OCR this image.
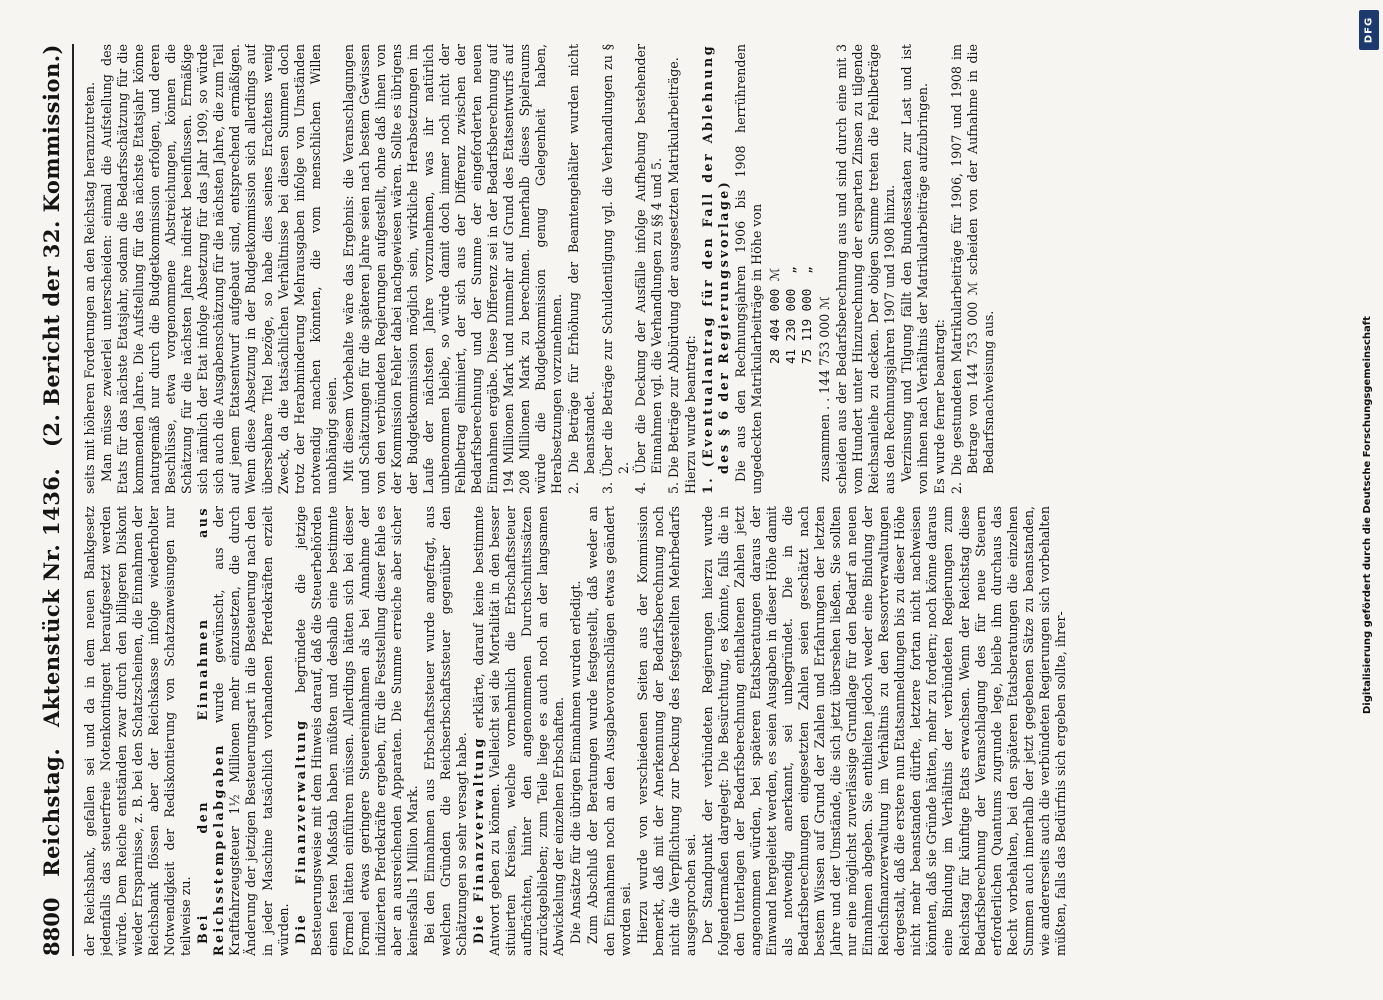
8800
Reichstag.
Aktenstück Nr. 1436.
(2. Bericht der 32. Kommission.)

der Reichsbank, gefallen sei und da in dem neuen Bankgesetz jedenfalls das steuerfreie Notenkontingent heraufgesetzt werden würde. Dem Reiche entständen zwar durch den billigeren Diskont wieder Ersparnisse, z. B. bei den Schatzscheinen, die Einnahmen der Reichsbank flössen aber der Reichskasse infolge wiederholter Notwendigkeit der Rediskontierung von Schatzanweisungen nur teilweise zu. Bei den Einnahmen aus Reichsstempelabgaben wurde gewünscht, aus der Kraftfahrzeugsteuer 1½ Millionen mehr einzusetzen, die durch Änderung der jetzigen Besteuerungsart in die Besteuerung nach den in jeder Maschine tatsächlich vorhandenen Pferdekräften erzielt würden. Die Finanzverwaltung begründete die jetzige Besteuerungsweise mit dem Hinweis darauf, daß die Steuerbehörden einen festen Maßstab haben müßten und deshalb eine bestimmte Formel hätten einführen müssen. Allerdings hätten sich bei dieser Formel etwas geringere Steuereinnahmen als bei Annahme der indizierten Pferdekräfte ergeben, für die Feststellung dieser fehle es aber an ausreichenden Apparaten. Die Summe erreiche aber sicher keinesfalls 1 Million Mark. Bei den Einnahmen aus Erbschaftssteuer wurde angefragt, aus welchen Gründen die Reichserbschaftssteuer gegenüber den Schätzungen so sehr versagt habe. Die Finanzverwaltung erklärte, darauf keine bestimmte Antwort geben zu können. Vielleicht sei die Mortalität in den besser situierten Kreisen, welche vornehmlich die Erbschaftssteuer aufbrächten, hinter den angenommenen Durchschnittssätzen zurückgeblieben; zum Teile liege es auch noch an der langsamen Abwickelung der einzelnen Erbschaften. Die Ansätze für die übrigen Einnahmen wurden erledigt. Zum Abschluß der Beratungen wurde festgestellt, daß weder an den Einnahmen noch an den Ausgabevoranschlägen etwas geändert worden sei. Hierzu wurde von verschiedenen Seiten aus der Kommission bemerkt, daß mit der Anerkennung der Bedarfsberechnung noch nicht die Verpflichtung zur Deckung des festgestellten Mehrbedarfs ausgesprochen sei. Der Standpunkt der verbündeten Regierungen hierzu wurde folgendermaßen dargelegt: Die Besürchtung, es könnte, falls die in den Unterlagen der Bedarfsberechnung enthaltenen Zahlen jetzt angenommen würden, bei späteren Etatsberatungen daraus der Einwand hergeleitet werden, es seien Ausgaben in dieser Höhe damit als notwendig anerkannt, sei unbegründet. Die in die Bedarfsberechnungen eingesetzten Zahlen seien geschätzt nach bestem Wissen auf Grund der Zahlen und Erfahrungen der letzten Jahre und der Umstände, die sich jetzt übersehen ließen. Sie sollten nur eine möglichst zuverlässige Grundlage für den Bedarf an neuen Einnahmen abgeben. Sie enthielten jedoch weder eine Bindung der Reichsfinanzverwaltung im Verhältnis zu den Ressortverwaltungen dergestalt, daß die erstere nun Etatsanmeldungen bis zu dieser Höhe nicht mehr beanstanden dürfte, letztere fortan nicht nachweisen könnten, daß sie Gründe hätten, mehr zu fordern; noch könne daraus eine Bindung im Verhältnis der verbündeten Regierungen zum Reichstag für künftige Etats erwachsen. Wenn der Reichstag diese Bedarfsberechnung der Veranschlagung des für neue Steuern erforderlichen Quantums zugrunde lege, bleibe ihm durchaus das Recht vorbehalten, bei den späteren Etatsberatungen die einzelnen Summen auch innerhalb der jetzt gegebenen Sätze zu beanstanden, wie andererseits auch die verbündeten Regierungen sich vorbehalten müßten, falls das Bedürfnis sich ergeben sollte, ihrer-

seits mit höheren Forderungen an den Reichstag heranzutreten. Man müsse zweierlei unterscheiden: einmal die Aufstellung des Etats für das nächste Etatsjahr, sodann die Bedarfsschätzung für die kommenden Jahre. Die Aufstellung für das nächste Etatsjahr könne naturgemäß nur durch die Budgetkommission erfolgen, und deren Beschlüsse, etwa vorgenommene Abstreichungen, können die Schätzung für die nächsten Jahre indirekt beeinflussen. Ermäßige sich nämlich der Etat infolge Absetzung für das Jahr 1909, so würde sich auch die Ausgabenschätzung für die nächsten Jahre, die zum Teil auf jenem Etatsentwurf aufgebaut sind, entsprechend ermäßigen. Wenn diese Absetzung in der Budgetkommission sich allerdings auf übersehbare Titel bezöge, so habe dies seines Erachtens wenig Zweck, da die tatsächlichen Verhältnisse bei diesen Summen doch trotz der Herabminderung Mehrausgaben infolge von Umständen notwendig machen könnten, die vom menschlichen Willen unabhängig seien. Mit diesem Vorbehalte wäre das Ergebnis: die Veranschlagungen und Schätzungen für die späteren Jahre seien nach bestem Gewissen von den verbündeten Regierungen aufgestellt, ohne daß ihnen von der Kommission Fehler dabei nachgewiesen wären. Sollte es übrigens der Budgetkommission möglich sein, wirkliche Herabsetzungen im Laufe der nächsten Jahre vorzunehmen, was ihr natürlich unbenommen bleibe, so würde damit doch immer noch nicht der Fehlbetrag eliminiert, der sich aus der Differenz zwischen der Bedarfsberechnung und der Summe der eingeforderten neuen Einnahmen ergäbe. Diese Differenz sei in der Bedarfsberechnung auf 194 Millionen Mark und nunmehr auf Grund des Etatsentwurfs auf 208 Millionen Mark zu berechnen. Innerhalb dieses Spielraums würde die Budgetkommission genug Gelegenheit haben, Herabsetzungen vorzunehmen. 2. Die Beträge für Erhöhung der Beamtengehälter wurden nicht beanstandet. 3. Über die Beträge zur Schuldentilgung vgl. die Verhandlungen zu § 2. 4. Über die Deckung der Ausfälle infolge Aufhebung bestehender Einnahmen vgl. die Verhandlungen zu §§ 4 und 5. 5. Die Beträge zur Abbürdung der ausgesetzten Matrikularbeiträge. Hierzu wurde beantragt: 1. (Eventualantrag für den Fall der Ablehnung des § 6 der Regierungsvorlage) Die aus den Rechnungsjahren 1906 bis 1908 herrührenden ungedeckten Matrikularbeiträge in Höhe von 28 404 000 ℳ 41 230 000  „ 75 119 000  „ zusammen . . 144 753 000 ℳ scheiden aus der Bedarfsberechnung aus und sind durch eine mit 3 vom Hundert unter Hinzurechnung der ersparten Zinsen zu tilgende Reichsanleihe zu decken. Der obigen Summe treten die Fehlbeträge aus den Rechnungsjahren 1907 und 1908 hinzu. Verzinsung und Tilgung fällt den Bundesstaaten zur Last und ist von ihnen nach Verhältnis der Matrikularbeiträge aufzubringen. Es wurde ferner beantragt: 2. Die gestundeten Matrikularbeiträge für 1906, 1907 und 1908 im Betrage von 144 753 000 ℳ scheiden von der Aufnahme in die Bedarfsnachweisung aus.

DFG
Digitalisierung gefördert durch die Deutsche Forschungsgemeinschaft
